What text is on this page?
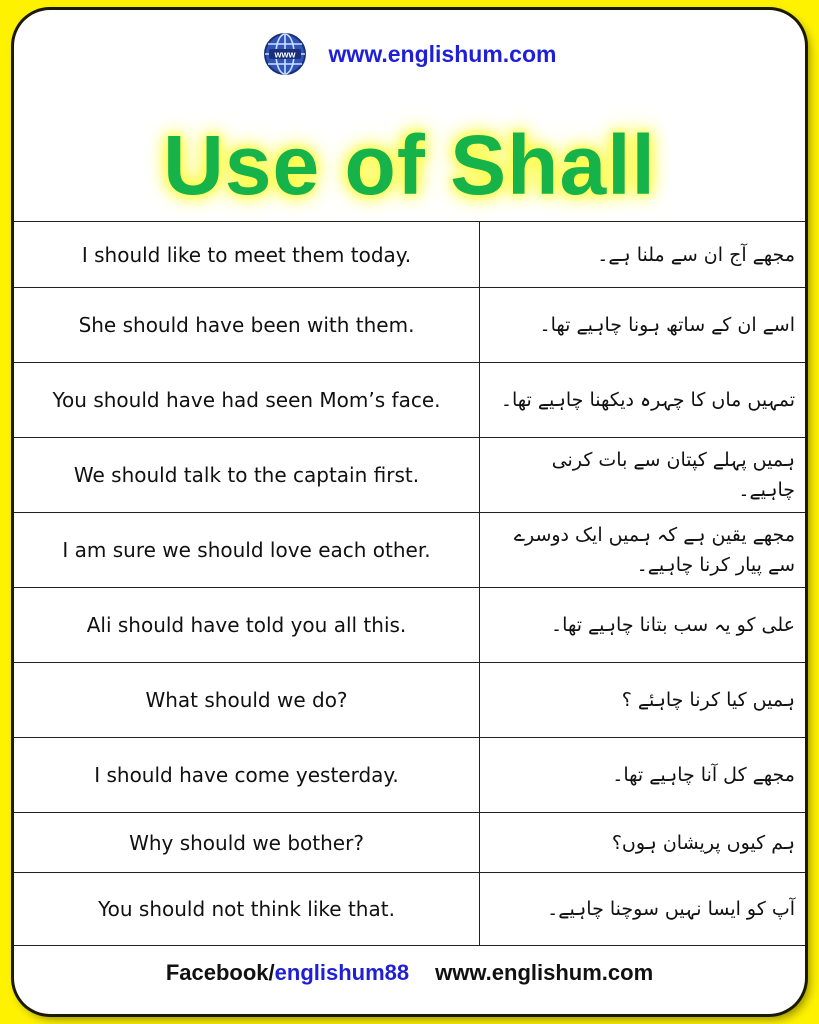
www www.englishum.com
Use of Shall
I should like to meet them today.	مجھے آج ان سے ملنا ہے۔
She should have been with them.	اسے ان کے ساتھ ہونا چاہیے تھا۔
You should have had seen Mom’s face.	تمہیں ماں کا چہرہ دیکھنا چاہیے تھا۔
We should talk to the captain first.	ہمیں پہلے کپتان سے بات کرنی چاہیے۔
I am sure we should love each other.	مجھے یقین ہے کہ ہمیں ایک دوسرے سے پیار کرنا چاہیے۔
Ali should have told you all this.	علی کو یہ سب بتانا چاہیے تھا۔
What should we do?	ہمیں کیا کرنا چاہئے ؟
I should have come yesterday.	مجھے کل آنا چاہیے تھا۔
Why should we bother?	ہم کیوں پریشان ہوں؟
You should not think like that.	آپ کو ایسا نہیں سوچنا چاہیے۔
Facebook/englishum88 www.englishum.com
